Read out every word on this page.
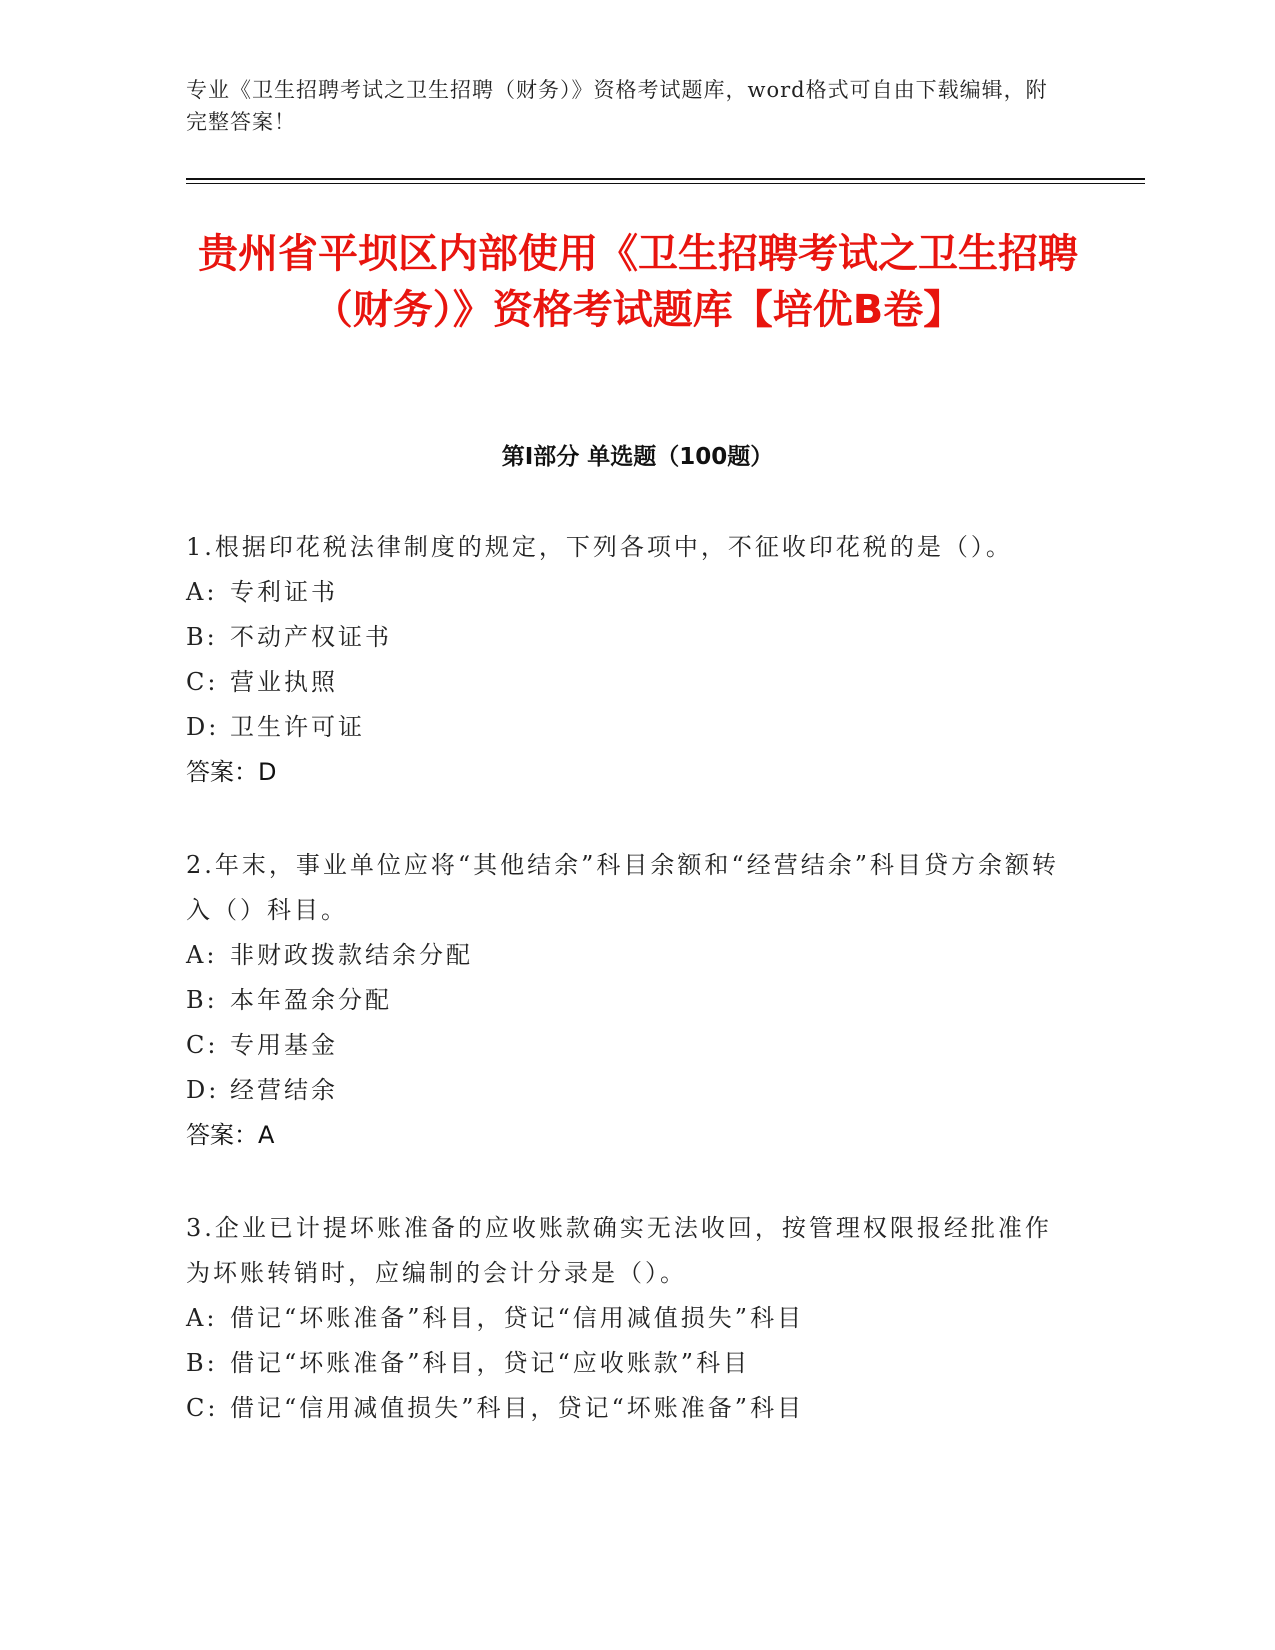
专业《卫生招聘考试之卫生招聘（财务）》资格考试题库，word格式可自由下载编辑，附完整答案！
贵州省平坝区内部使用《卫生招聘考试之卫生招聘（财务）》资格考试题库【培优B卷】
第Ⅰ部分 单选题（100题）

1.根据印花税法律制度的规定，下列各项中，不征收印花税的是（）。

A: 专利证书

B: 不动产权证书

C: 营业执照

D: 卫生许可证

答案：D

2.年末，事业单位应将“其他结余”科目余额和“经营结余”科目贷方余额转入（）科目。

A: 非财政拨款结余分配

B: 本年盈余分配

C: 专用基金

D: 经营结余

答案：A

3.企业已计提坏账准备的应收账款确实无法收回，按管理权限报经批准作为坏账转销时，应编制的会计分录是（）。

A: 借记“坏账准备”科目，贷记“信用减值损失”科目

B: 借记“坏账准备”科目，贷记“应收账款”科目

C: 借记“信用减值损失”科目，贷记“坏账准备”科目
